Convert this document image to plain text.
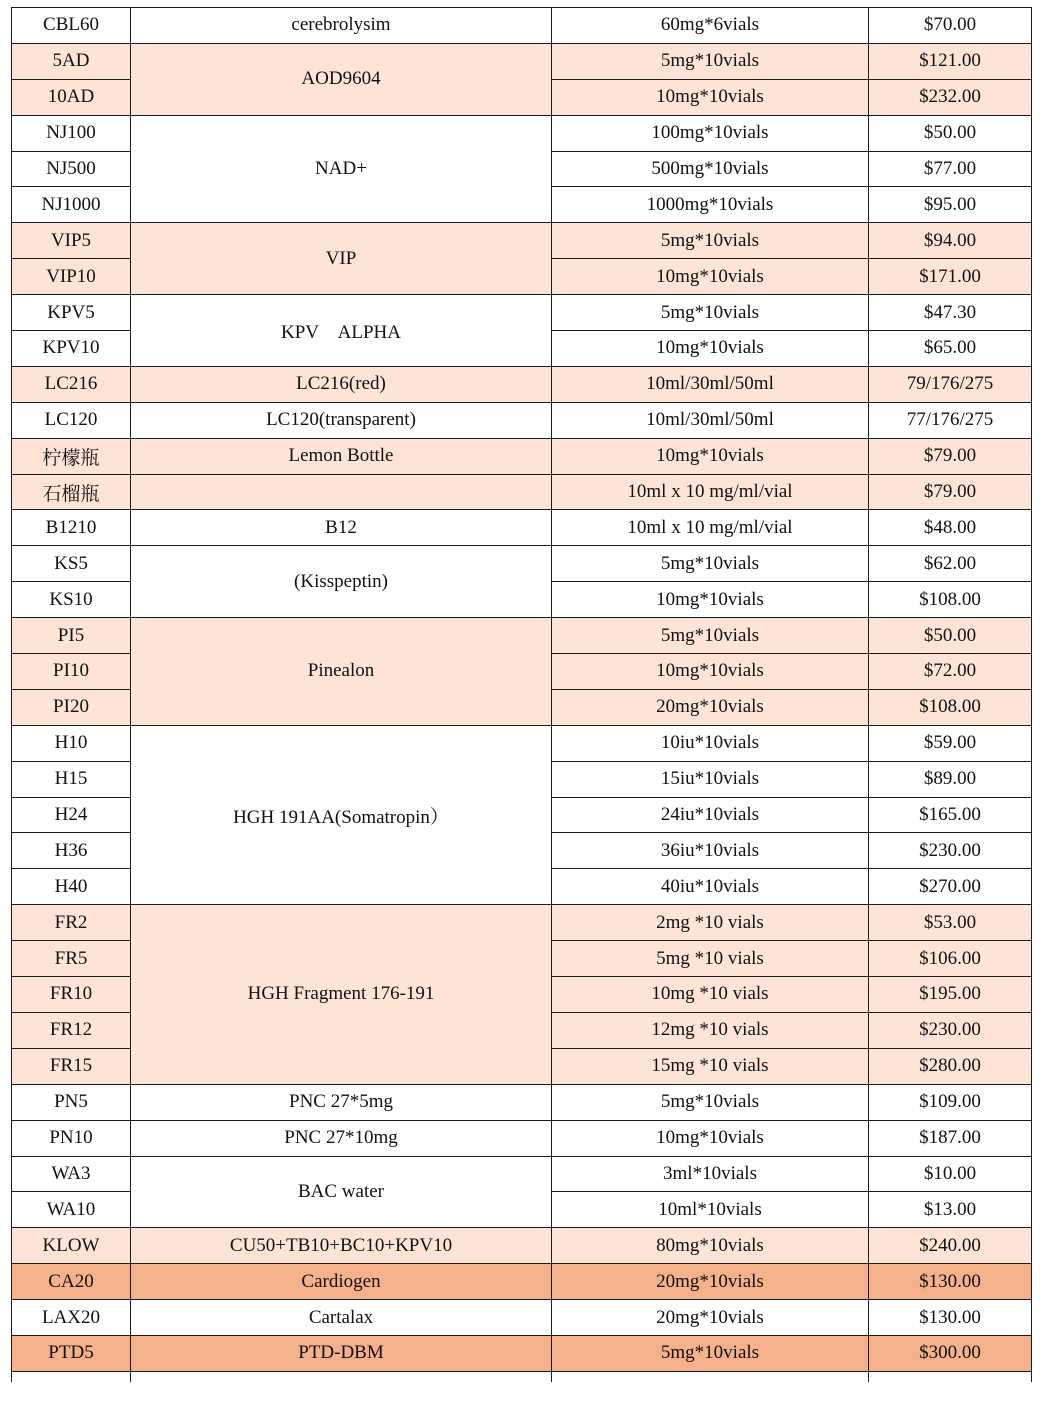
CBL60	cerebrolysim	60mg*6vials	$70.00
5AD	AOD9604	5mg*10vials	$121.00
10AD		10mg*10vials	$232.00
NJ100	NAD+	100mg*10vials	$50.00
NJ500		500mg*10vials	$77.00
NJ1000		1000mg*10vials	$95.00
VIP5	VIP	5mg*10vials	$94.00
VIP10		10mg*10vials	$171.00
KPV5	KPV　ALPHA	5mg*10vials	$47.30
KPV10		10mg*10vials	$65.00
LC216	LC216(red)	10ml/30ml/50ml	79/176/275
LC120	LC120(transparent)	10ml/30ml/50ml	77/176/275
柠檬瓶	Lemon Bottle	10mg*10vials	$79.00
石榴瓶		10ml x 10 mg/ml/vial	$79.00
B1210	B12	10ml x 10 mg/ml/vial	$48.00
KS5	(Kisspeptin)	5mg*10vials	$62.00
KS10		10mg*10vials	$108.00
PI5	Pinealon	5mg*10vials	$50.00
PI10		10mg*10vials	$72.00
PI20		20mg*10vials	$108.00
H10	HGH 191AA(Somatropin）	10iu*10vials	$59.00
H15		15iu*10vials	$89.00
H24		24iu*10vials	$165.00
H36		36iu*10vials	$230.00
H40		40iu*10vials	$270.00
FR2	HGH Fragment 176-191	2mg *10 vials	$53.00
FR5		5mg *10 vials	$106.00
FR10		10mg *10 vials	$195.00
FR12		12mg *10 vials	$230.00
FR15		15mg *10 vials	$280.00
PN5	PNC 27*5mg	5mg*10vials	$109.00
PN10	PNC 27*10mg	10mg*10vials	$187.00
WA3	BAC water	3ml*10vials	$10.00
WA10		10ml*10vials	$13.00
KLOW	CU50+TB10+BC10+KPV10	80mg*10vials	$240.00
CA20	Cardiogen	20mg*10vials	$130.00
LAX20	Cartalax	20mg*10vials	$130.00
PTD5	PTD-DBM	5mg*10vials	$300.00
